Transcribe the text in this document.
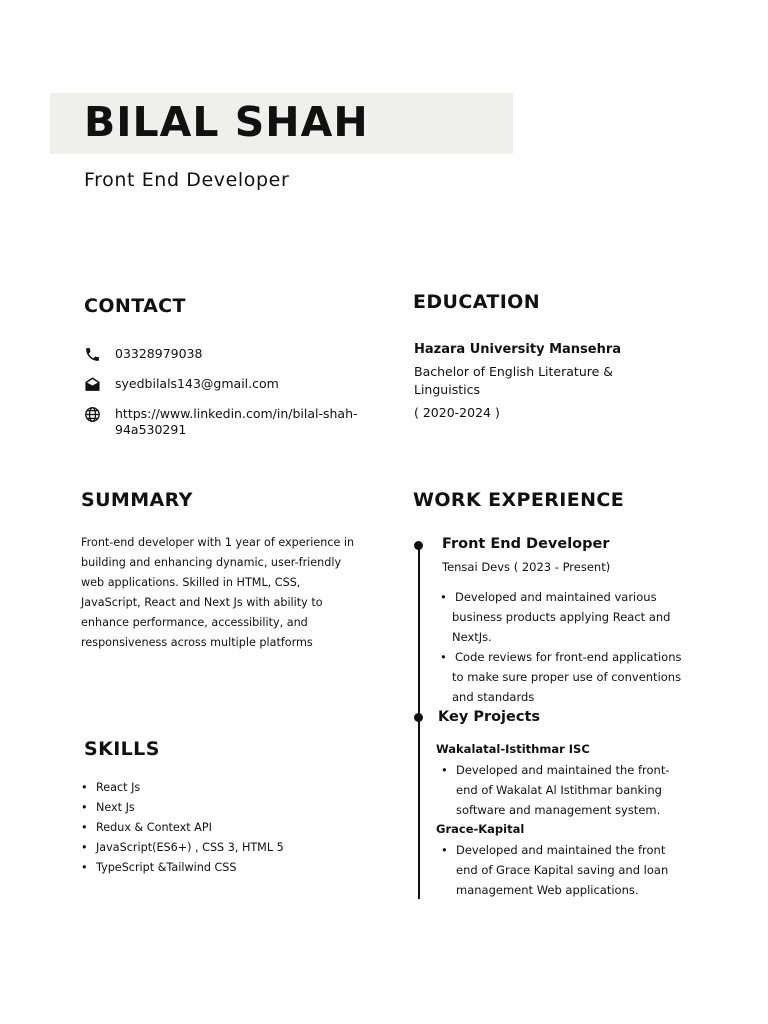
BILAL SHAH
Front End Developer
CONTACT
03328979038
syedbilals143@gmail.com
https://www.linkedin.com/in/bilal-shah-94a530291
EDUCATION
Hazara University Mansehra
Bachelor of English Literature & Linguistics
( 2020-2024 )
SUMMARY
Front-end developer with 1 year of experience in building and enhancing dynamic, user-friendly web applications. Skilled in HTML, CSS, JavaScript, React and Next Js with ability to enhance performance, accessibility, and responsiveness across multiple platforms
SKILLS
• React Js
• Next Js
• Redux & Context API
• JavaScript(ES6+) , CSS 3, HTML 5
• TypeScript &Tailwind CSS
WORK EXPERIENCE
Front End Developer
Tensai Devs ( 2023 - Present)
• Developed and maintained various business products applying React and NextJs.
• Code reviews for front-end applications to make sure proper use of conventions and standards
Key Projects
Wakalatal-Istithmar ISC
• Developed and maintained the front-end of Wakalat Al Istithmar banking software and management system.
Grace-Kapital
• Developed and maintained the front end of Grace Kapital saving and loan management Web applications.
